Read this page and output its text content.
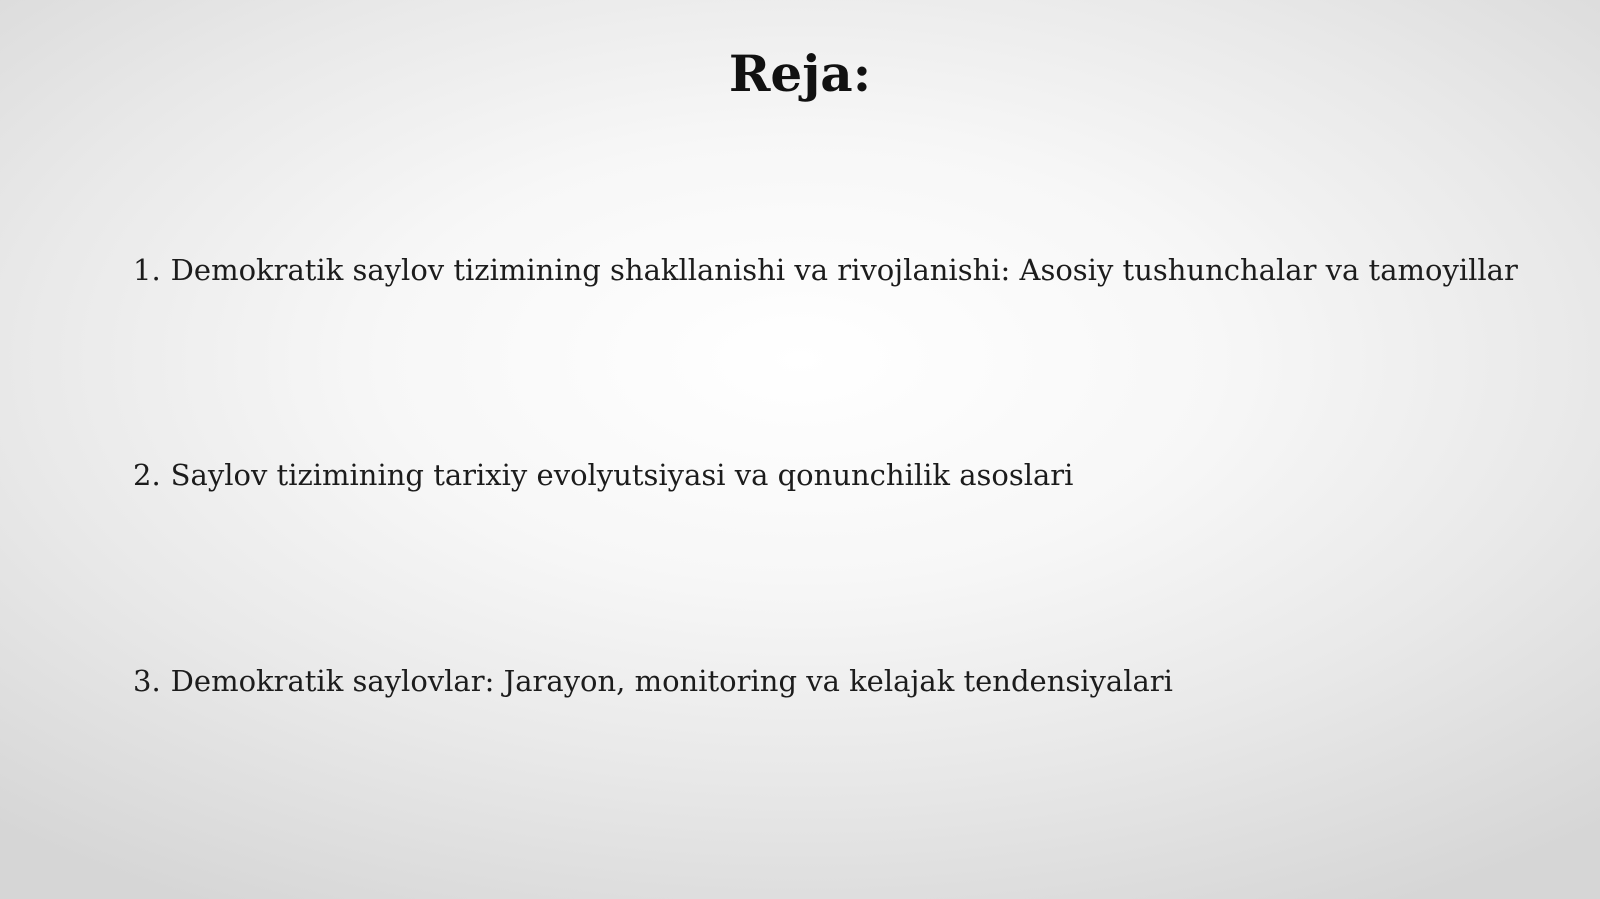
Reja:
1. Demokratik saylov tizimining shakllanishi va rivojlanishi: Asosiy tushunchalar va tamoyillar
2. Saylov tizimining tarixiy evolyutsiyasi va qonunchilik asoslari
3. Demokratik saylovlar: Jarayon, monitoring va kelajak tendensiyalari
